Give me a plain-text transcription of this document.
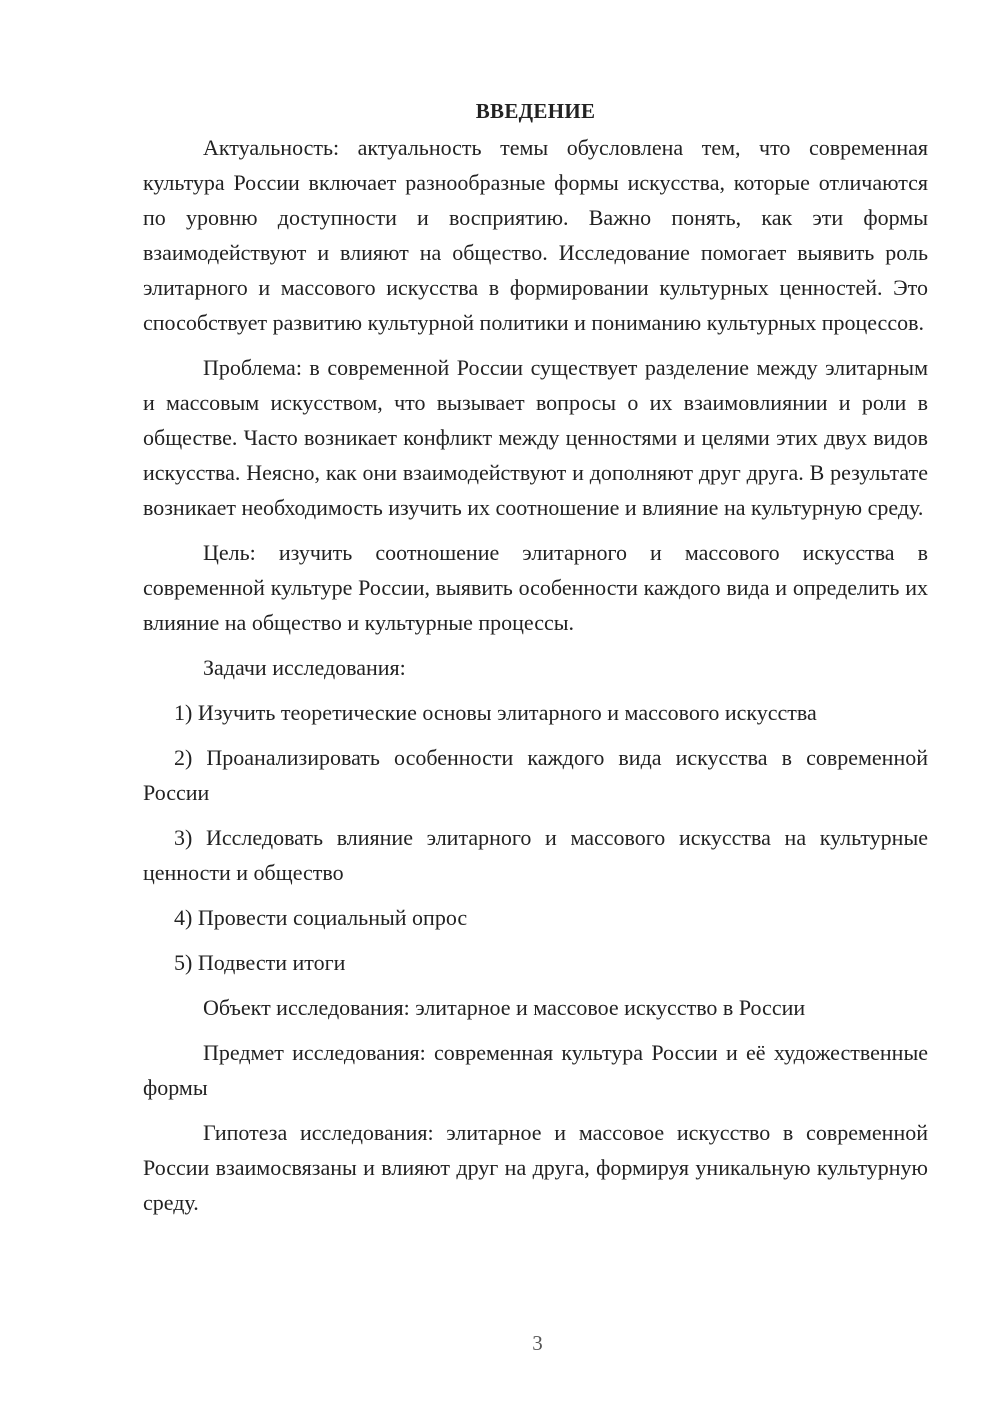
ВВЕДЕНИЕ

Актуальность: актуальность темы обусловлена тем, что современная культура России включает разнообразные формы искусства, которые отличаются по уровню доступности и восприятию. Важно понять, как эти формы взаимодействуют и влияют на общество. Исследование помогает выявить роль элитарного и массового искусства в формировании культурных ценностей. Это способствует развитию культурной политики и пониманию культурных процессов.

Проблема: в современной России существует разделение между элитарным и массовым искусством, что вызывает вопросы о их взаимовлиянии и роли в обществе. Часто возникает конфликт между ценностями и целями этих двух видов искусства. Неясно, как они взаимодействуют и дополняют друг друга. В результате возникает необходимость изучить их соотношение и влияние на культурную среду.

Цель: изучить соотношение элитарного и массового искусства в современной культуре России, выявить особенности каждого вида и определить их влияние на общество и культурные процессы.

Задачи исследования:

1) Изучить теоретические основы элитарного и массового искусства

2) Проанализировать особенности каждого вида искусства в современной России

3) Исследовать влияние элитарного и массового искусства на культурные ценности и общество

4) Провести социальный опрос

5) Подвести итоги

Объект исследования: элитарное и массовое искусство в России

Предмет исследования: современная культура России и её художественные формы

Гипотеза исследования: элитарное и массовое искусство в современной России взаимосвязаны и влияют друг на друга, формируя уникальную культурную среду.

3
